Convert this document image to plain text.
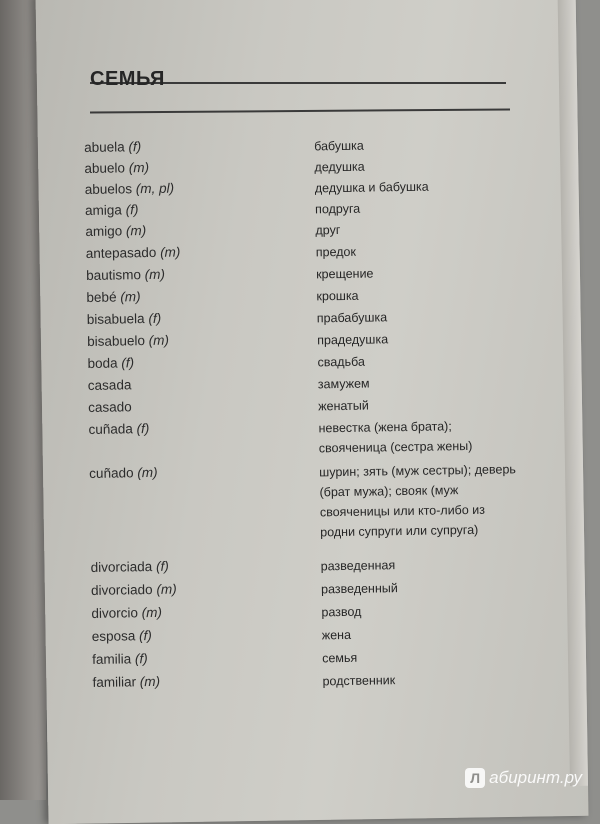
СЕМЬЯ
abuela (f)	бабушка
abuelo (m)	дедушка
abuelos (m, pl)	дедушка и бабушка
amiga (f)	подруга
amigo (m)	друг
antepasado (m)	предок
bautismo (m)	крещение
bebé (m)	крошка
bisabuela (f)	прабабушка
bisabuelo (m)	прадедушка
boda (f)	свадьба
casada	замужем
casado	женатый
cuñada (f)	невестка (жена брата); свояченица (сестра жены)
cuñado (m)	шурин; зять (муж сестры); деверь (брат мужа); свояк (муж свояченицы или кто-либо из родни супруги или супруга)
divorciada (f)	разведенная
divorciado (m)	разведенный
divorcio (m)	развод
esposa (f)	жена
familia (f)	семья
familiar (m)	родственник
Л абиринт.ру
